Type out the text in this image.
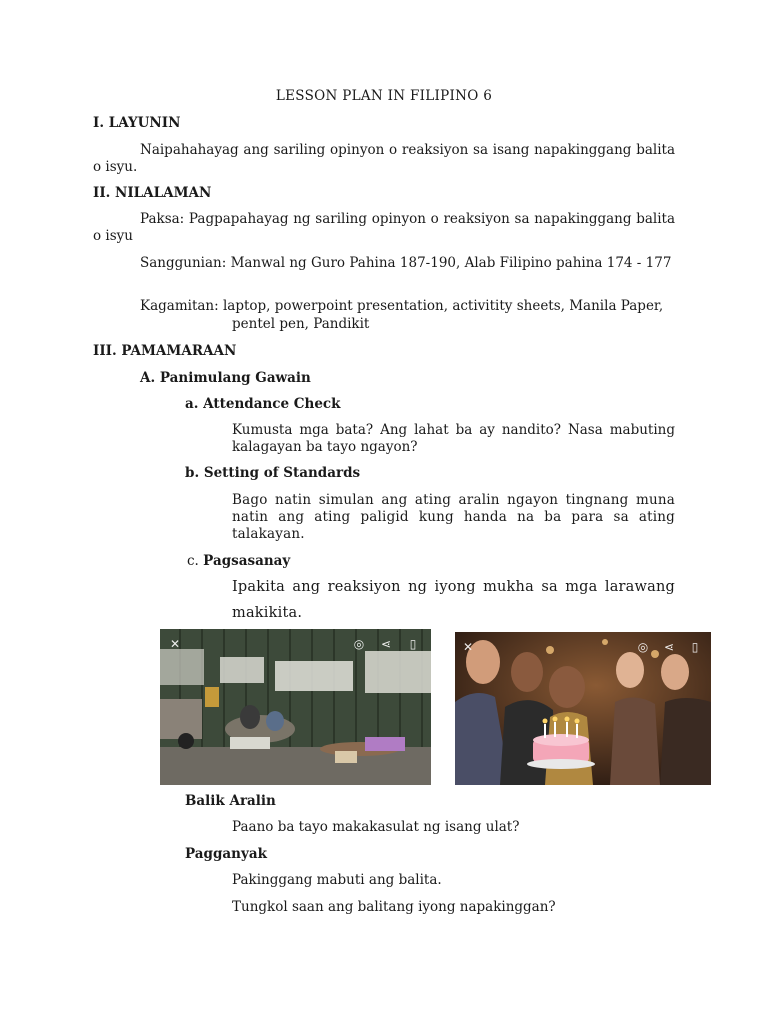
LESSON PLAN IN FILIPINO 6
I. LAYUNIN
Naipahahayag ang sariling opinyon o reaksiyon sa isang napakinggang balita o isyu.
II. NILALAMAN
Paksa: Pagpapahayag ng sariling opinyon o reaksiyon sa napakinggang balita o isyu
Sanggunian: Manwal ng Guro Pahina 187-190, Alab Filipino pahina 174 - 177
Kagamitan: laptop, powerpoint presentation, activitity sheets, Manila Paper,
pentel pen, Pandikit
III. PAMAMARAAN
A. Panimulang Gawain
a. Attendance Check
Kumusta mga bata? Ang lahat ba ay nandito? Nasa mabuting kalagayan ba tayo ngayon?
b. Setting of Standards
Bago natin simulan ang ating aralin ngayon tingnang muna natin ang ating paligid kung handa na ba para sa ating talakayan.
c. Pagsasanay
Ipakita ang reaksiyon ng iyong mukha sa mga larawang makikita.
✕	◎ ⋖	▯	✕	◎ ⋖	▯
Balik Aralin
Paano ba tayo makakasulat ng isang ulat?
Pagganyak
Pakinggang mabuti ang balita.
Tungkol saan ang balitang iyong napakinggan?
